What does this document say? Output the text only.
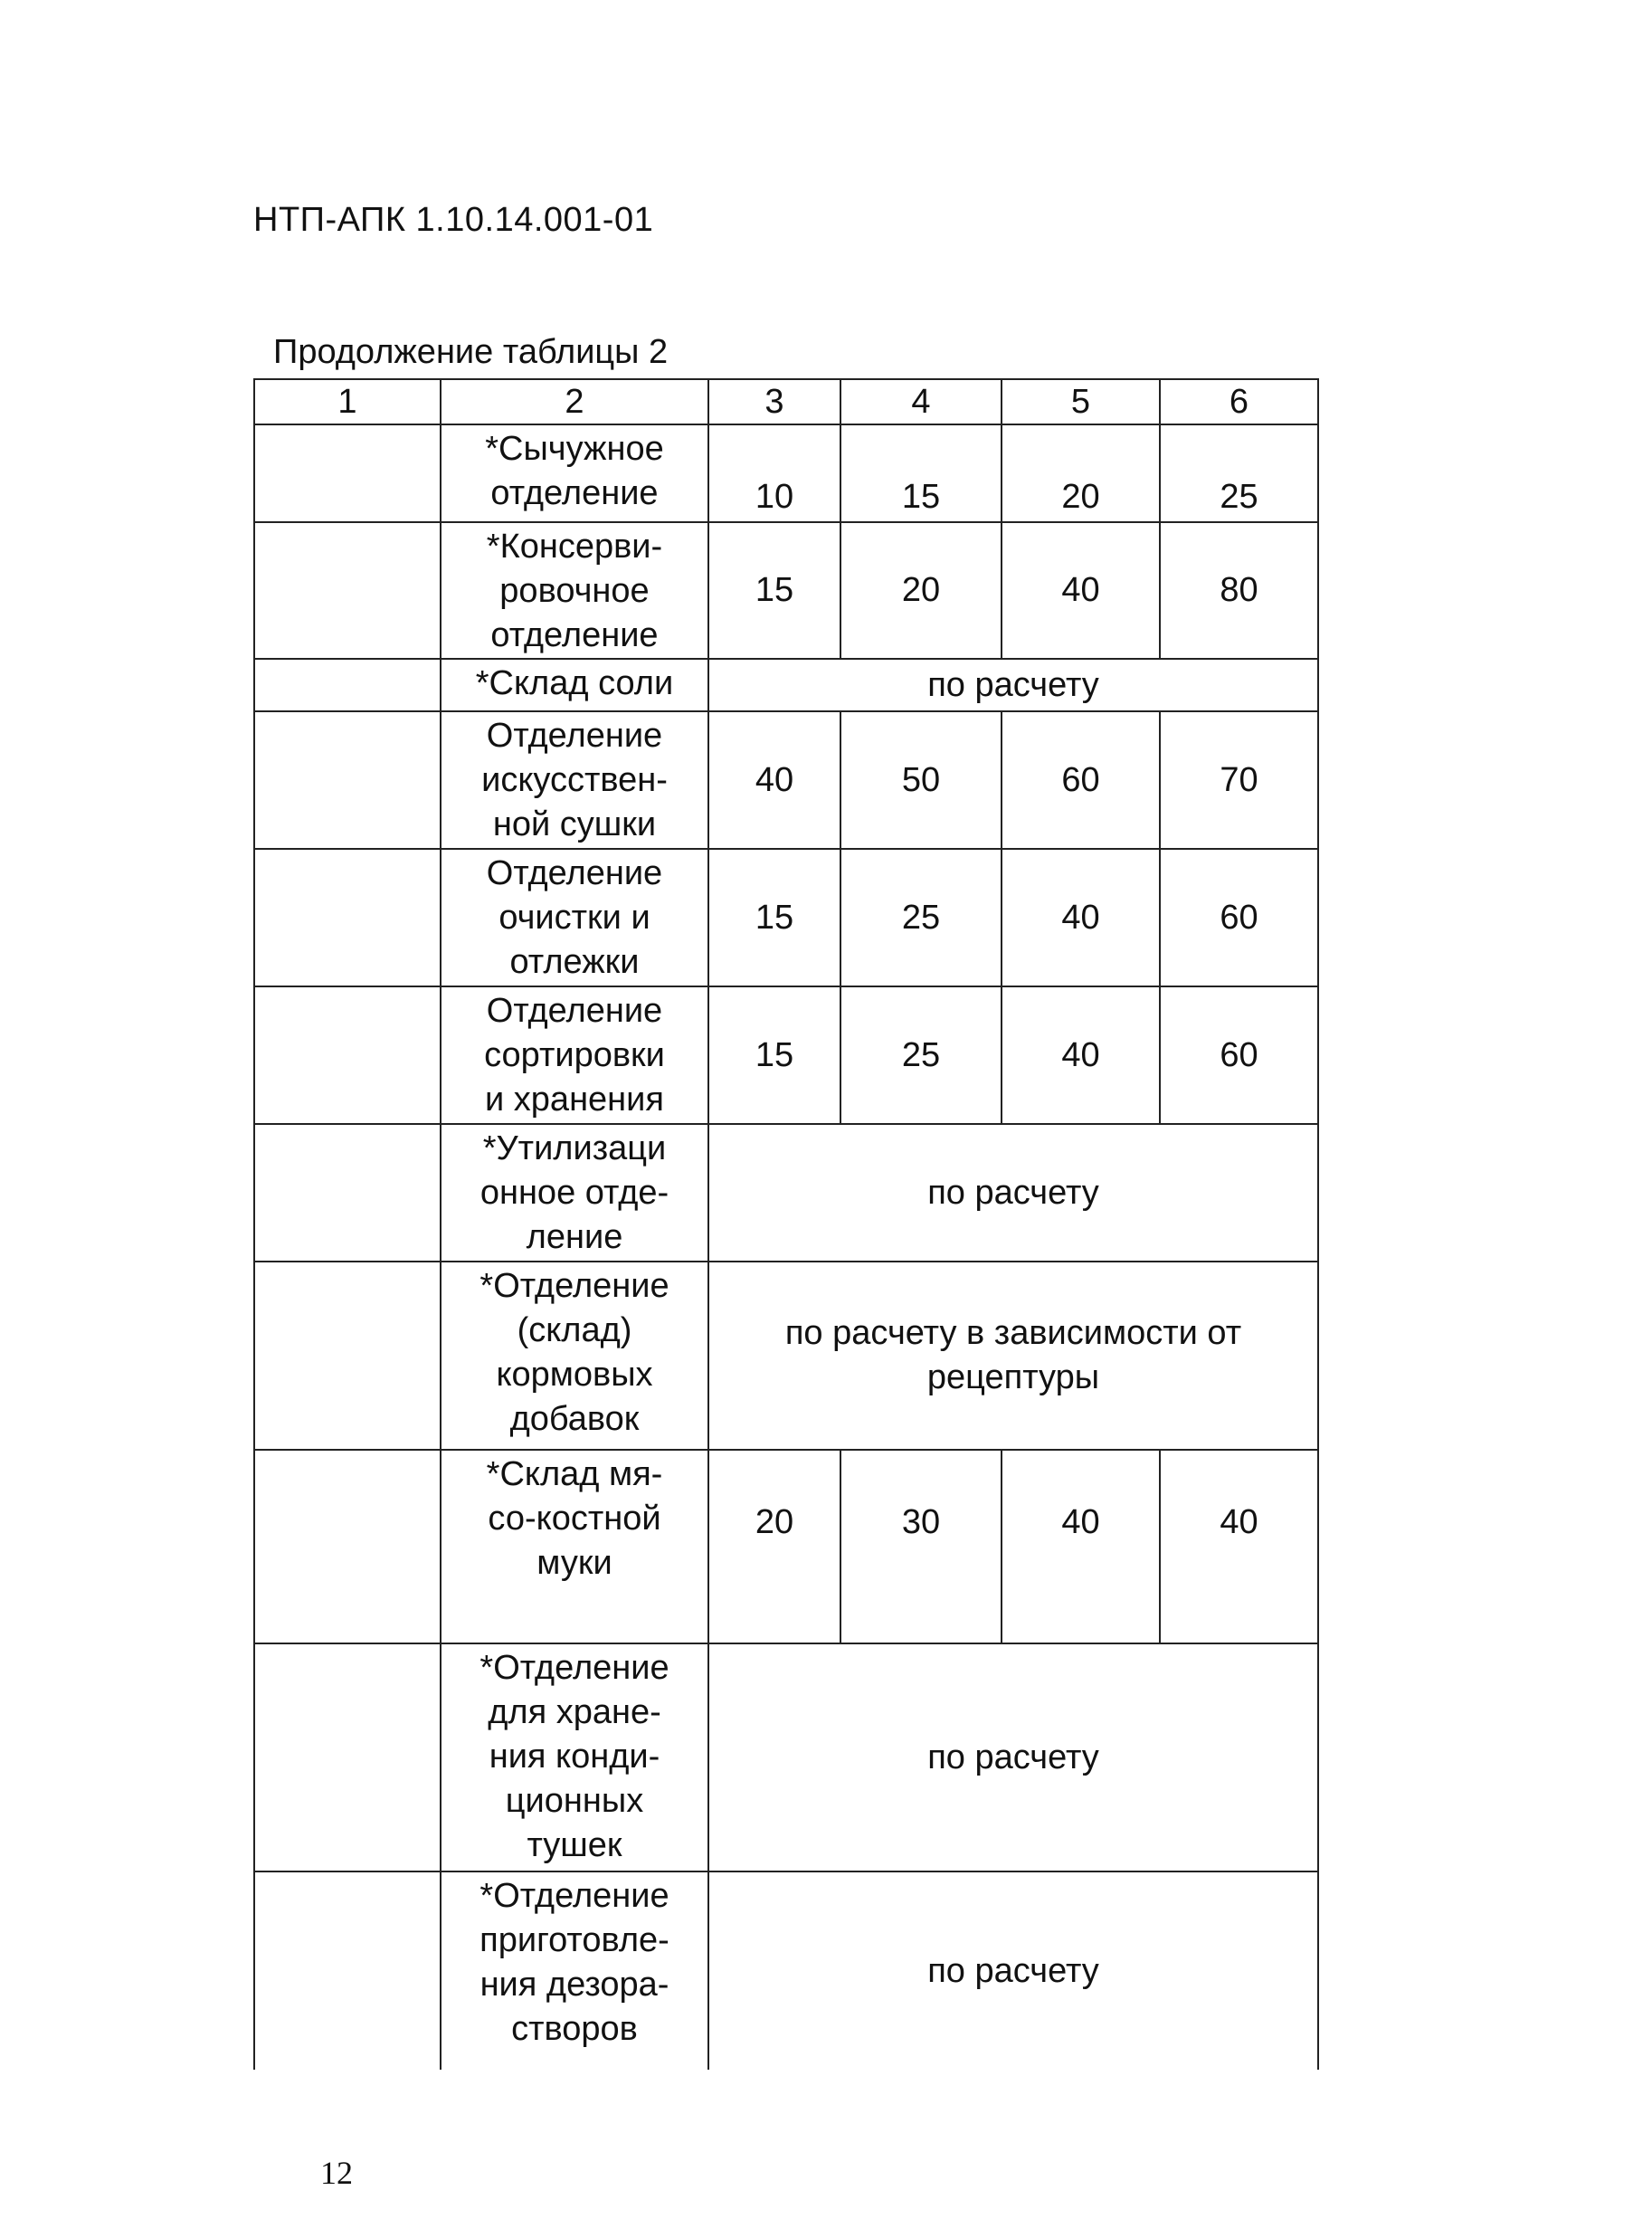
НТП-АПК 1.10.14.001-01
Продолжение таблицы 2
1	2	3	4	5	6
	*Сычужное
отделение	10	15	20	25
	*Консерви-
ровочное
отделение	15	20	40	80
	*Склад соли	по расчету			
	Отделение
искусствен-
ной сушки	40	50	60	70
	Отделение
очистки и
отлежки	15	25	40	60
	Отделение
сортировки
и хранения	15	25	40	60
	*Утилизаци
онное отде-
ление	по расчету			
	*Отделение
(склад)
кормовых
добавок	по расчету в зависимости от
рецептуры			
	*Склад мя-
со-костной
муки	20	30	40	40
	*Отделение
для хране-
ния конди-
ционных
тушек	по расчету			
	*Отделение
приготовле-
ния дезора-
створов	по расчету			
12
